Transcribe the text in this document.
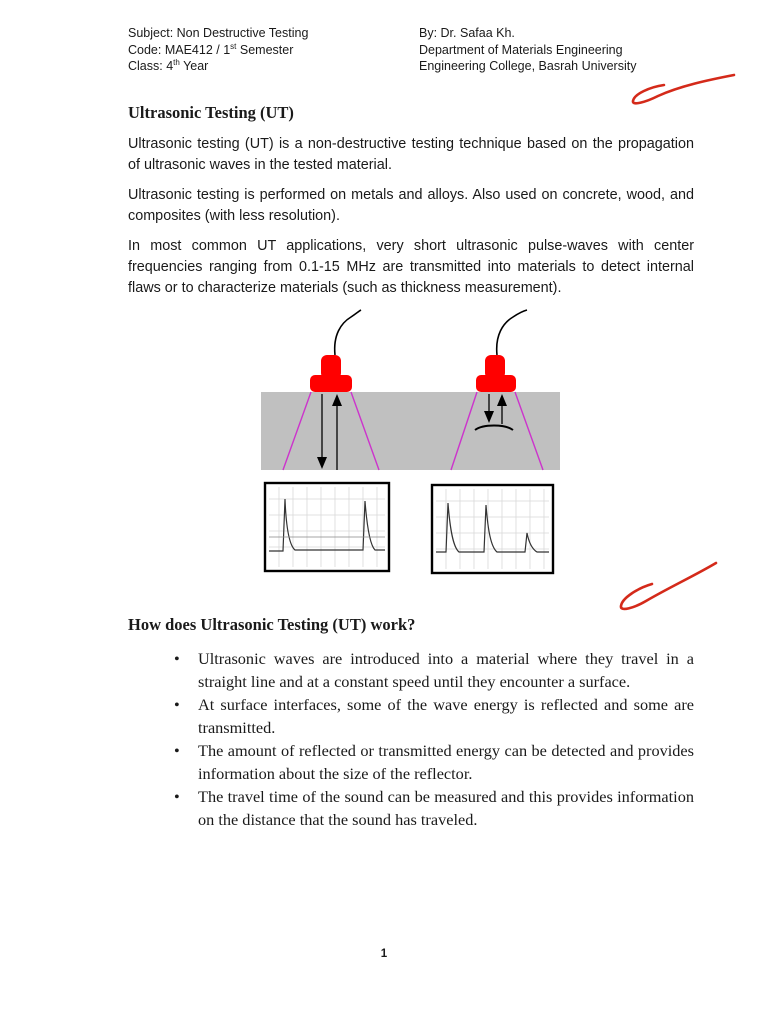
Subject: Non Destructive Testing
Code: MAE412 / 1st Semester
Class: 4th Year
By: Dr. Safaa Kh.
Department of Materials Engineering
Engineering College, Basrah University
Ultrasonic Testing (UT)
Ultrasonic testing (UT) is a non-destructive testing technique based on the propagation of ultrasonic waves in the tested material.
Ultrasonic testing is performed on metals and alloys. Also used on concrete, wood, and composites (with less resolution).
In most common UT applications, very short ultrasonic pulse-waves with center frequencies ranging from 0.1-15 MHz are transmitted into materials to detect internal flaws or to characterize materials (such as thickness measurement).
How does Ultrasonic Testing (UT) work?
• Ultrasonic waves are introduced into a material where they travel in a straight line and at a constant speed until they encounter a surface.
• At surface interfaces, some of the wave energy is reflected and some are transmitted.
• The amount of reflected or transmitted energy can be detected and provides information about the size of the reflector.
• The travel time of the sound can be measured and this provides information on the distance that the sound has traveled.
1
